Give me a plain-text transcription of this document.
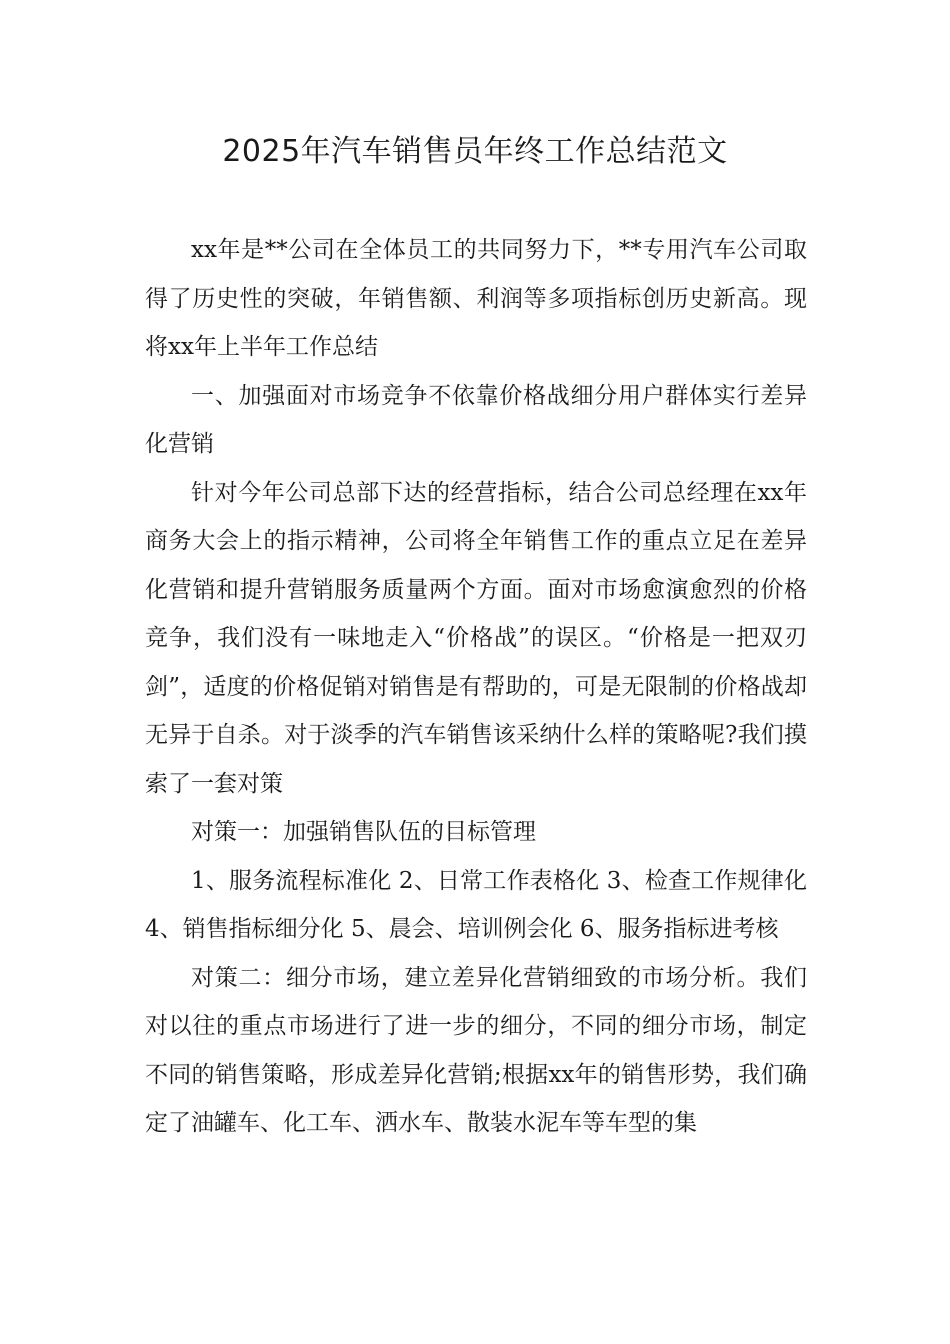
2025年汽车销售员年终工作总结范文

xx年是**公司在全体员工的共同努力下，**专用汽车公司取得了历史性的突破，年销售额、利润等多项指标创历史新高。现将xx年上半年工作总结

一、加强面对市场竞争不依靠价格战细分用户群体实行差异化营销

针对今年公司总部下达的经营指标，结合公司总经理在xx年商务大会上的指示精神，公司将全年销售工作的重点立足在差异化营销和提升营销服务质量两个方面。面对市场愈演愈烈的价格竞争，我们没有一味地走入“价格战”的误区。“价格是一把双刃剑”，适度的价格促销对销售是有帮助的，可是无限制的价格战却无异于自杀。对于淡季的汽车销售该采纳什么样的策略呢?我们摸索了一套对策

对策一：加强销售队伍的目标管理

1、服务流程标准化 2、日常工作表格化 3、检查工作规律化 4、销售指标细分化 5、晨会、培训例会化 6、服务指标进考核

对策二：细分市场，建立差异化营销细致的市场分析。我们对以往的重点市场进行了进一步的细分，不同的细分市场，制定不同的销售策略，形成差异化营销;根据xx年的销售形势，我们确定了油罐车、化工车、洒水车、散装水泥车等车型的集
